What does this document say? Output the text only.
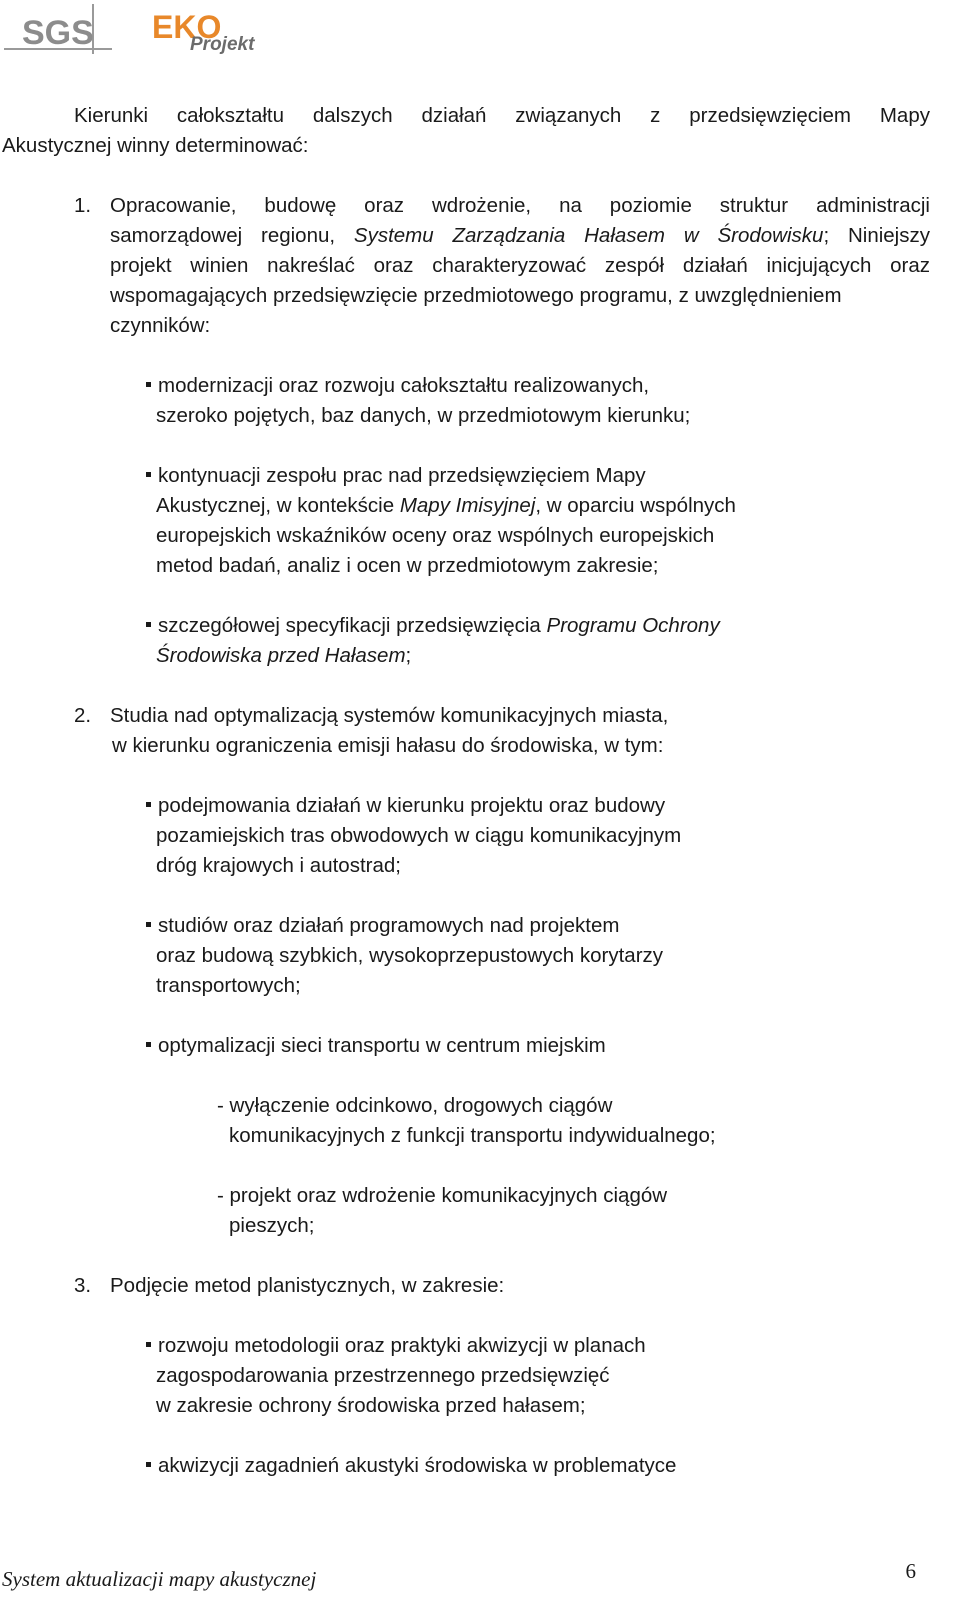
SGS EKO
Projekt
Kierunki całokształtu dalszych działań związanych z przedsięwzięciem Mapy
Akustycznej winny determinować:
1. Opracowanie, budowę oraz wdrożenie, na poziomie struktur administracji
samorządowej regionu, Systemu Zarządzania Hałasem w Środowisku; Niniejszy
projekt winien nakreślać oraz charakteryzować zespół działań inicjujących oraz
wspomagających przedsięwzięcie przedmiotowego programu, z uwzględnieniem
czynników:
modernizacji oraz rozwoju całokształtu realizowanych,
szeroko pojętych, baz danych, w przedmiotowym kierunku;
kontynuacji zespołu prac nad przedsięwzięciem Mapy
Akustycznej, w kontekście Mapy Imisyjnej, w oparciu wspólnych
europejskich wskaźników oceny oraz wspólnych europejskich
metod badań, analiz i ocen w przedmiotowym zakresie;
szczegółowej specyfikacji przedsięwzięcia Programu Ochrony
Środowiska przed Hałasem;
2. Studia nad optymalizacją systemów komunikacyjnych miasta,
w kierunku ograniczenia emisji hałasu do środowiska, w tym:
podejmowania działań w kierunku projektu oraz budowy
pozamiejskich tras obwodowych w ciągu komunikacyjnym
dróg krajowych i autostrad;
studiów oraz działań programowych nad projektem
oraz budową szybkich, wysokoprzepustowych korytarzy
transportowych;
optymalizacji sieci transportu w centrum miejskim
- wyłączenie odcinkowo, drogowych ciągów
komunikacyjnych z funkcji transportu indywidualnego;
- projekt oraz wdrożenie komunikacyjnych ciągów
pieszych;
3. Podjęcie metod planistycznych, w zakresie:
rozwoju metodologii oraz praktyki akwizycji w planach
zagospodarowania przestrzennego przedsięwzięć
w zakresie ochrony środowiska przed hałasem;
akwizycji zagadnień akustyki środowiska w problematyce
System aktualizacji mapy akustycznej	6
